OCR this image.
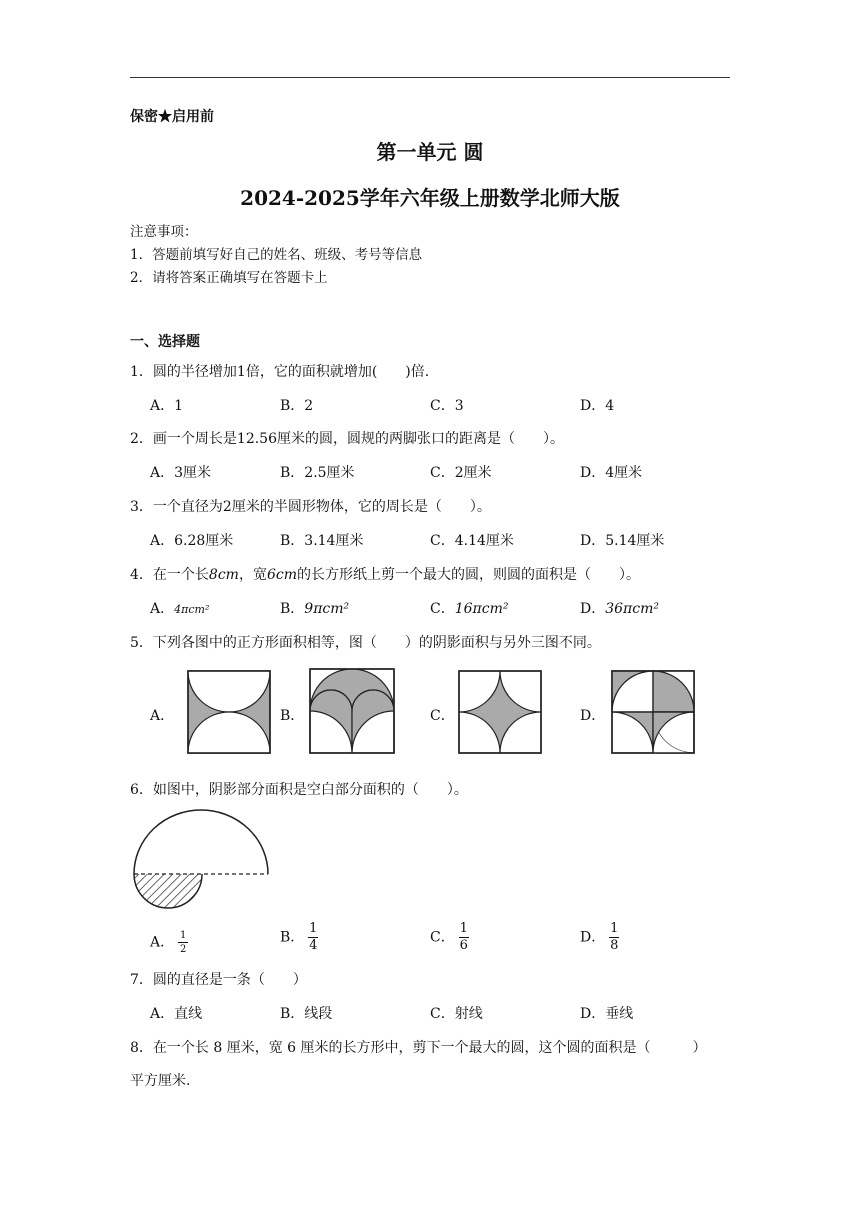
保密★启用前
第一单元 圆
2024-2025学年六年级上册数学北师大版
注意事项：
1．答题前填写好自己的姓名、班级、考号等信息
2．请将答案正确填写在答题卡上
一、选择题
1．圆的半径增加1倍，它的面积就增加(　　)倍.
A．1	B．2	C．3	D．4
2．画一个周长是12.56厘米的圆，圆规的两脚张口的距离是（　　）。
A．3厘米	B．2.5厘米	C．2厘米	D．4厘米
3．一个直径为2厘米的半圆形物体，它的周长是（　　）。
A．6.28厘米	B．3.14厘米	C．4.14厘米	D．5.14厘米
4．在一个长8cm，宽6cm的长方形纸上剪一个最大的圆，则圆的面积是（　　）。
A．4πcm²	B．9πcm²	C．16πcm²	D．36πcm²
5．下列各图中的正方形面积相等，图（　　）的阴影面积与另外三图不同。
A．	B．	C．	D．
6．如图中，阴影部分面积是空白部分面积的（　　）。
A． $\frac{1}{2}$	B． $\frac{1}{4}$	C． $\frac{1}{6}$	D． $\frac{1}{8}$
7．圆的直径是一条（　　）
A．直线	B．线段	C．射线	D．垂线
8．在一个长 8 厘米，宽 6 厘米的长方形中，剪下一个最大的圆，这个圆的面积是（　　　）
平方厘米.
